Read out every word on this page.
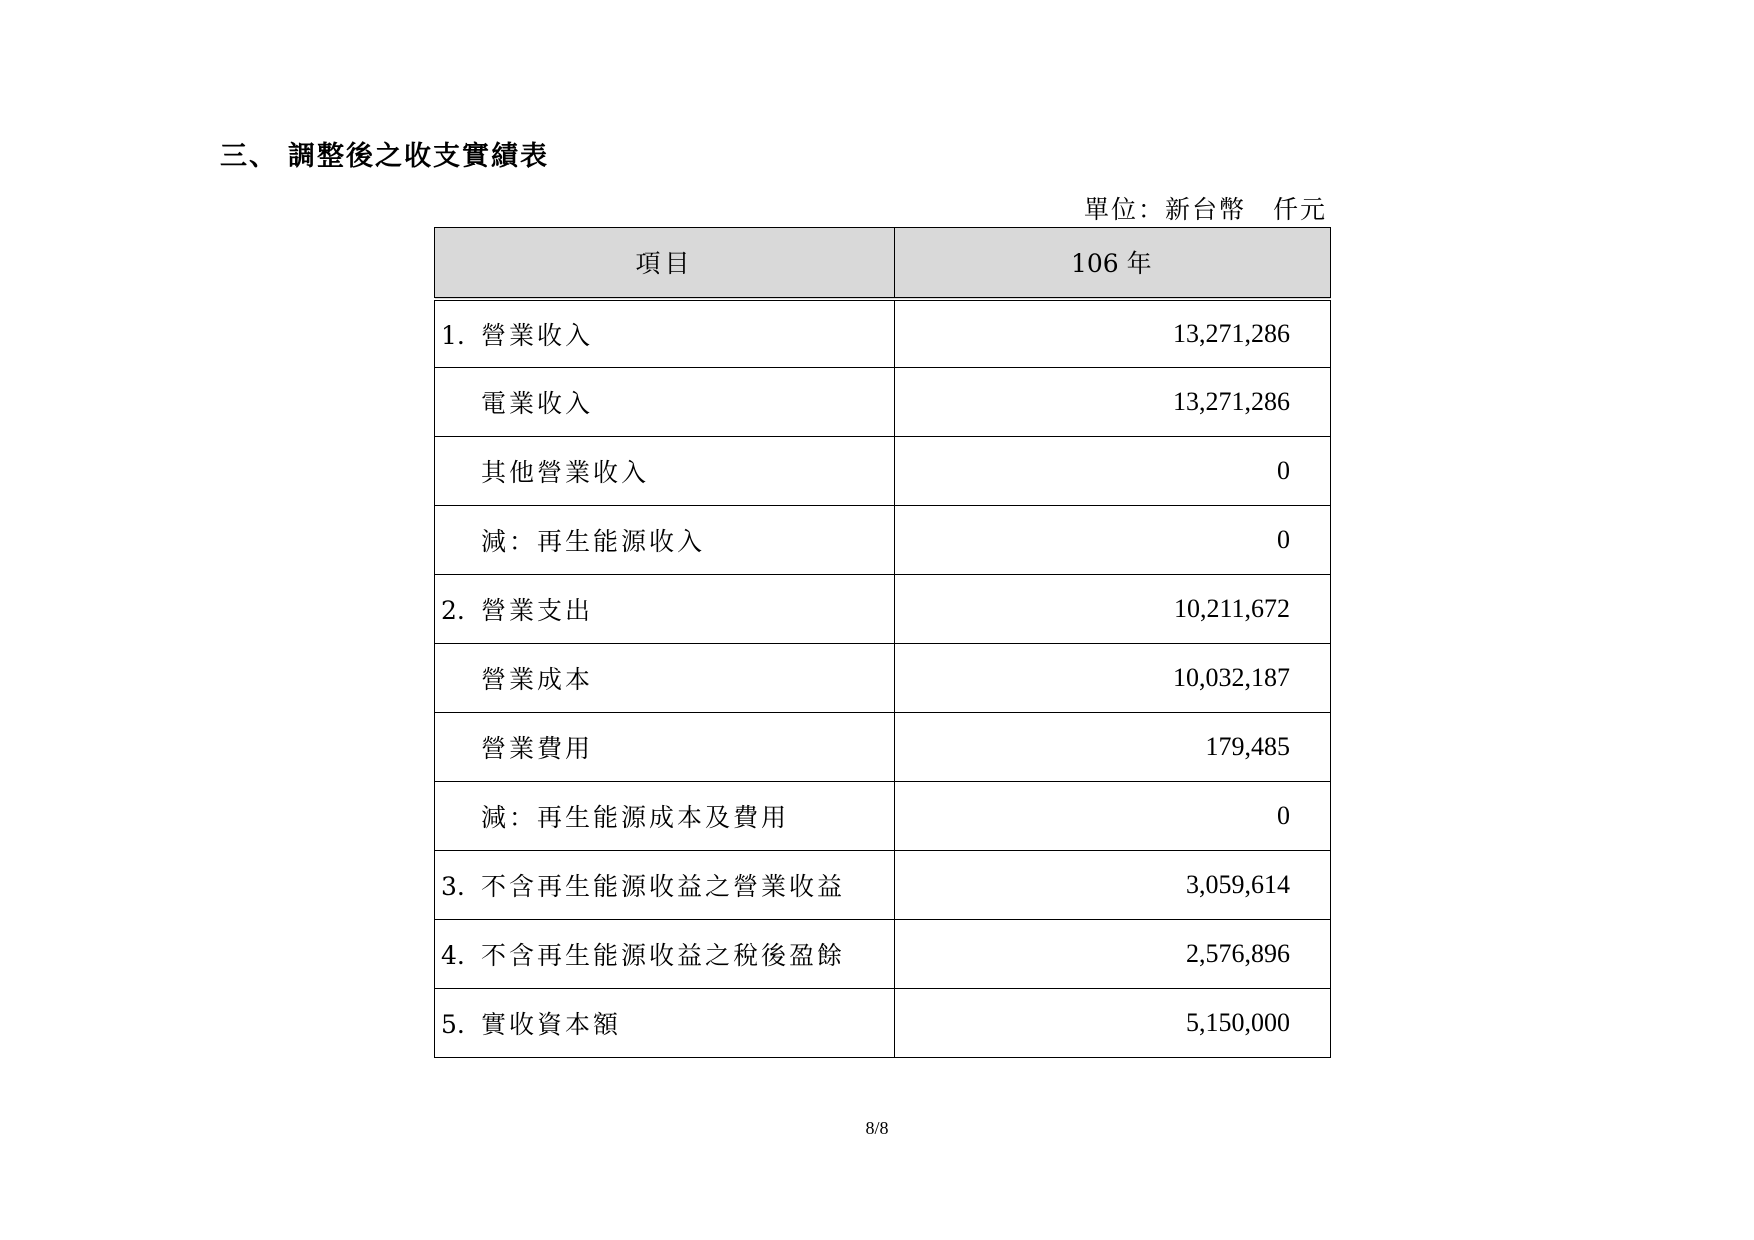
三、 調整後之收支實績表
單位：新台幣　仟元
項目	106 年
1. 營業收入	13,271,286
電業收入	13,271,286
其他營業收入	0
減：再生能源收入	0
2. 營業支出	10,211,672
營業成本	10,032,187
營業費用	179,485
減：再生能源成本及費用	0
3. 不含再生能源收益之營業收益	3,059,614
4. 不含再生能源收益之稅後盈餘	2,576,896
5. 實收資本額	5,150,000
8/8
